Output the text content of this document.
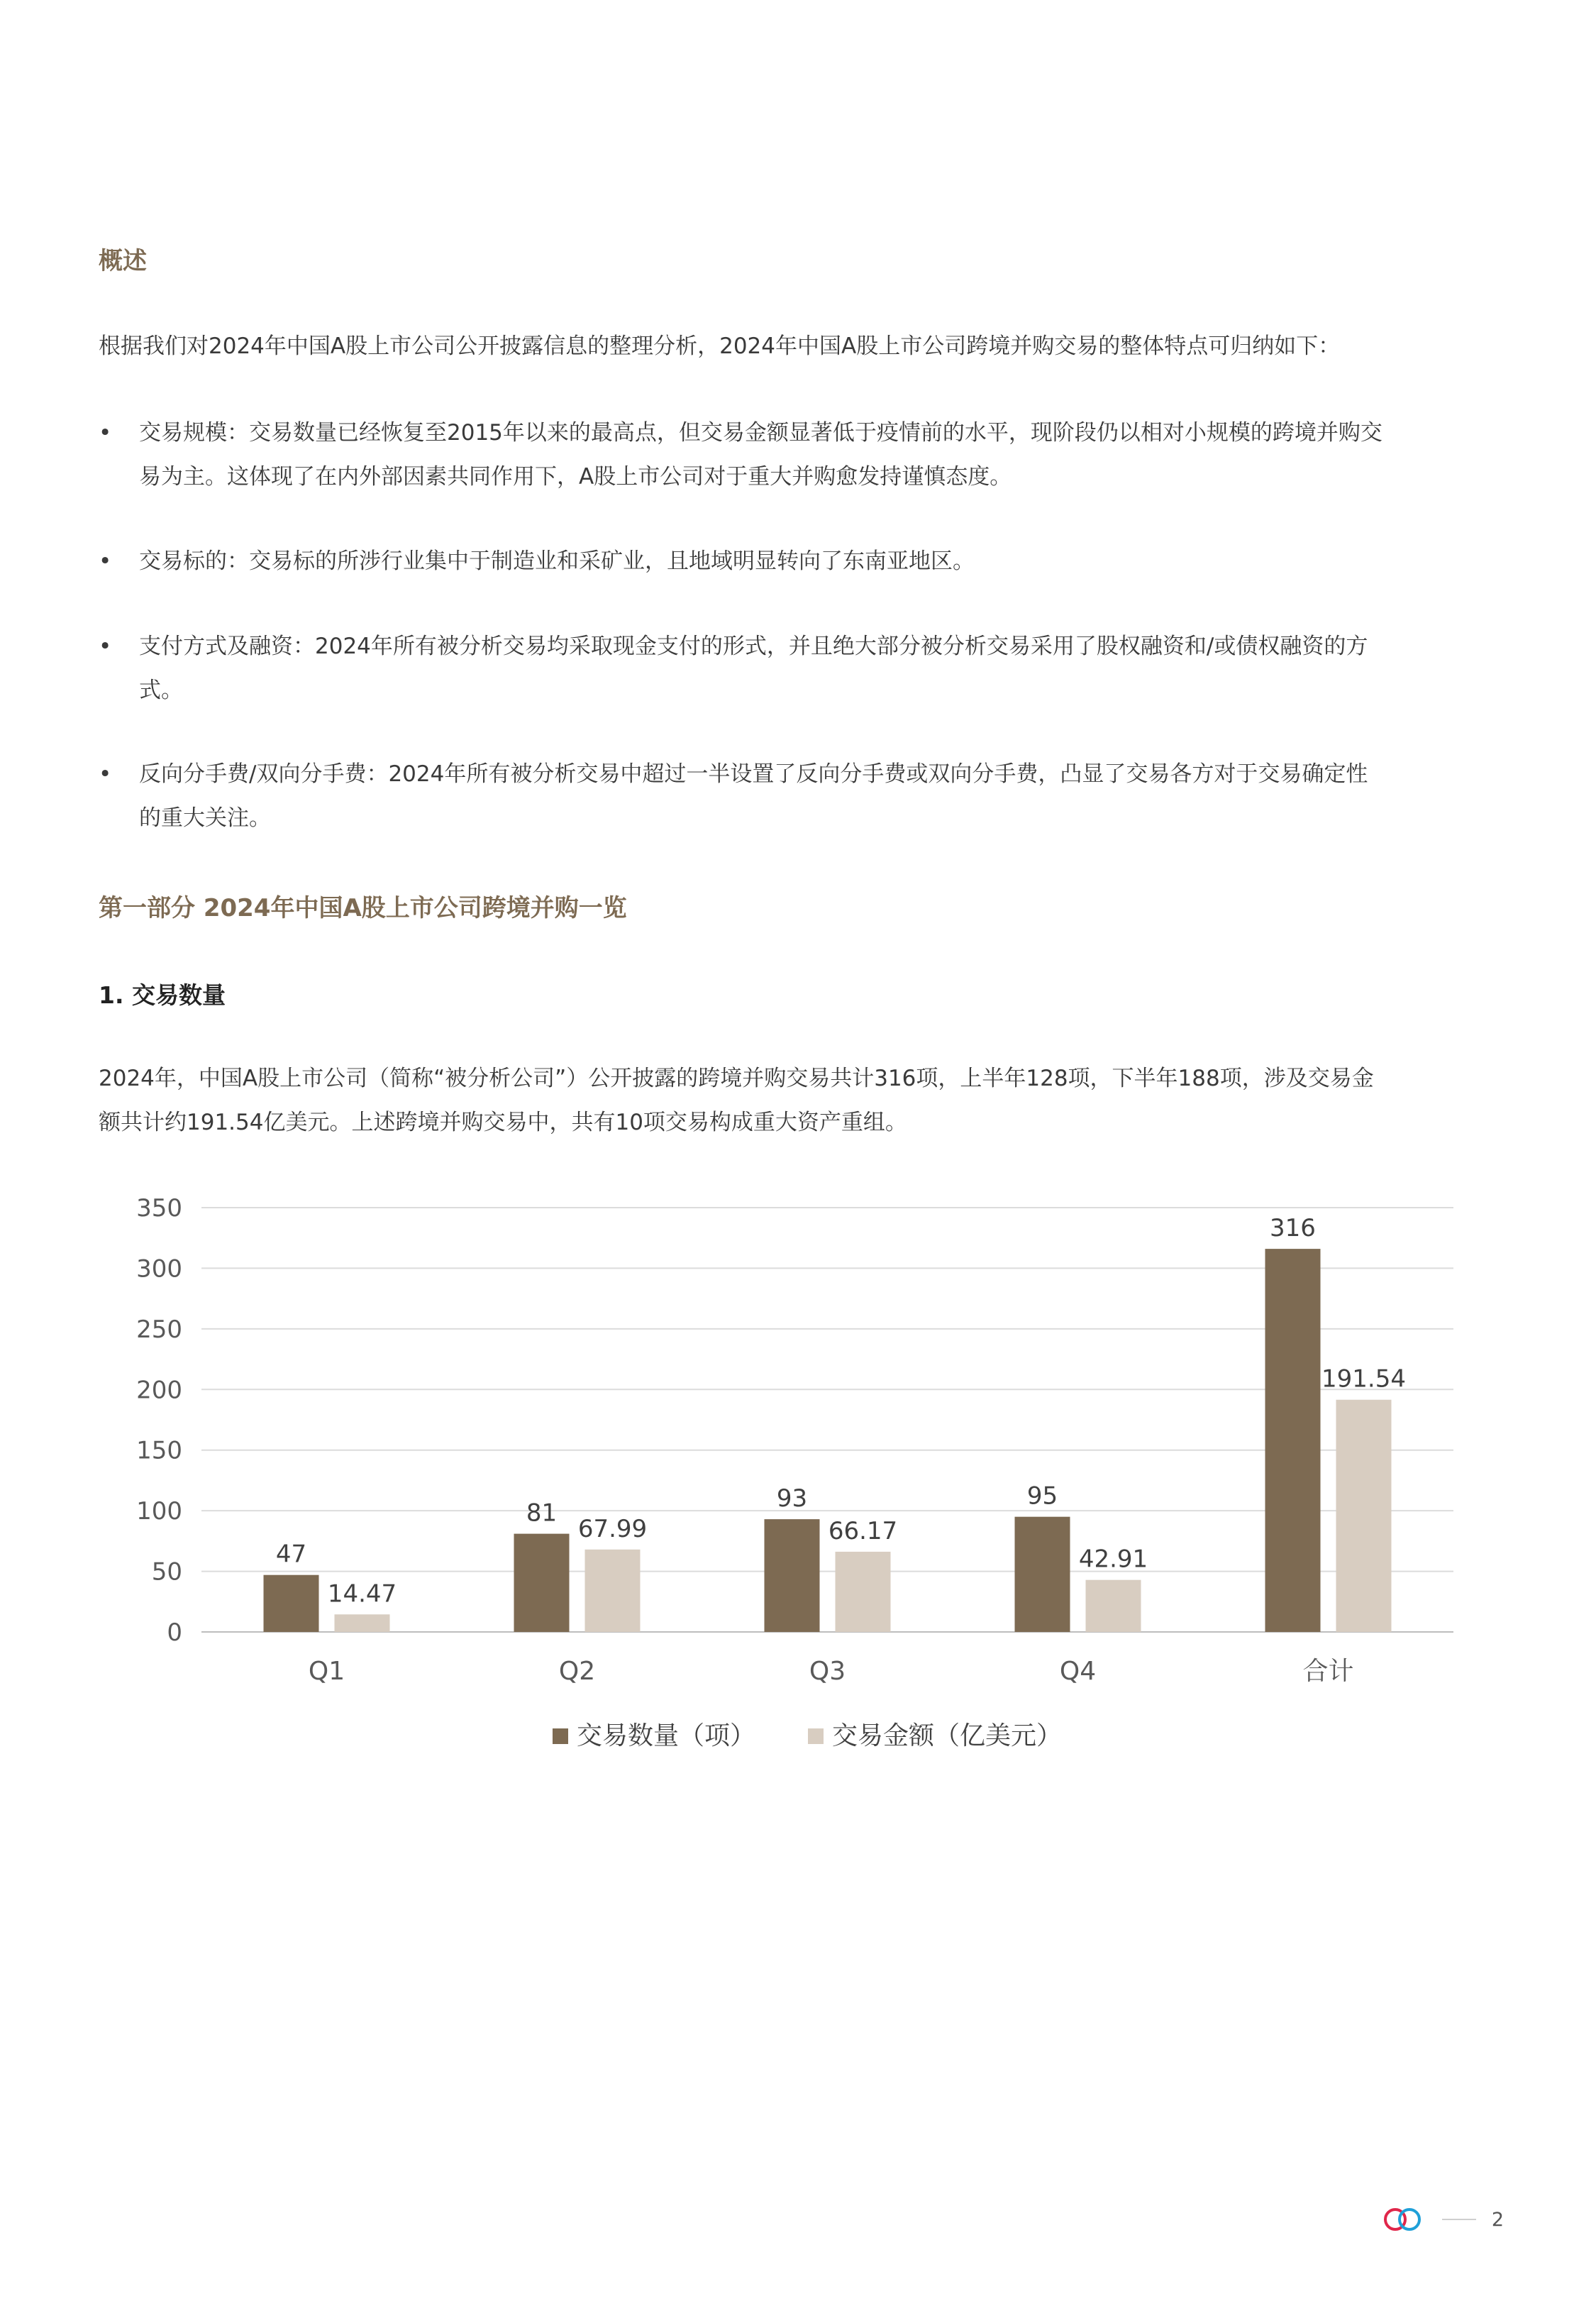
概述

根据我们对2024年中国A股上市公司公开披露信息的整理分析，2024年中国A股上市公司跨境并购交易的整体特点可归纳如下：

•	交易规模：交易数量已经恢复至2015年以来的最高点，但交易金额显著低于疫情前的水平，现阶段仍以相对小规模的跨境并购交
易为主。这体现了在内外部因素共同作用下，A股上市公司对于重大并购愈发持谨慎态度。
•	交易标的：交易标的所涉行业集中于制造业和采矿业，且地域明显转向了东南亚地区。
•	支付方式及融资：2024年所有被分析交易均采取现金支付的形式，并且绝大部分被分析交易采用了股权融资和/或债权融资的方
式。
•	反向分手费/双向分手费：2024年所有被分析交易中超过一半设置了反向分手费或双向分手费，凸显了交易各方对于交易确定性
的重大关注。
第一部分 2024年中国A股上市公司跨境并购一览
1. 交易数量
2024年，中国A股上市公司（简称“被分析公司”）公开披露的跨境并购交易共计316项，上半年128项，下半年188项，涉及交易金
额共计约191.54亿美元。上述跨境并购交易中，共有10项交易构成重大资产重组。
0
50
100
150
200
250
300
350
47
14.47
Q1
81
67.99
Q2
93
66.17
Q3
95
42.91
Q4
316
191.54
合计
交易数量（项）	交易金额（亿美元）
2
